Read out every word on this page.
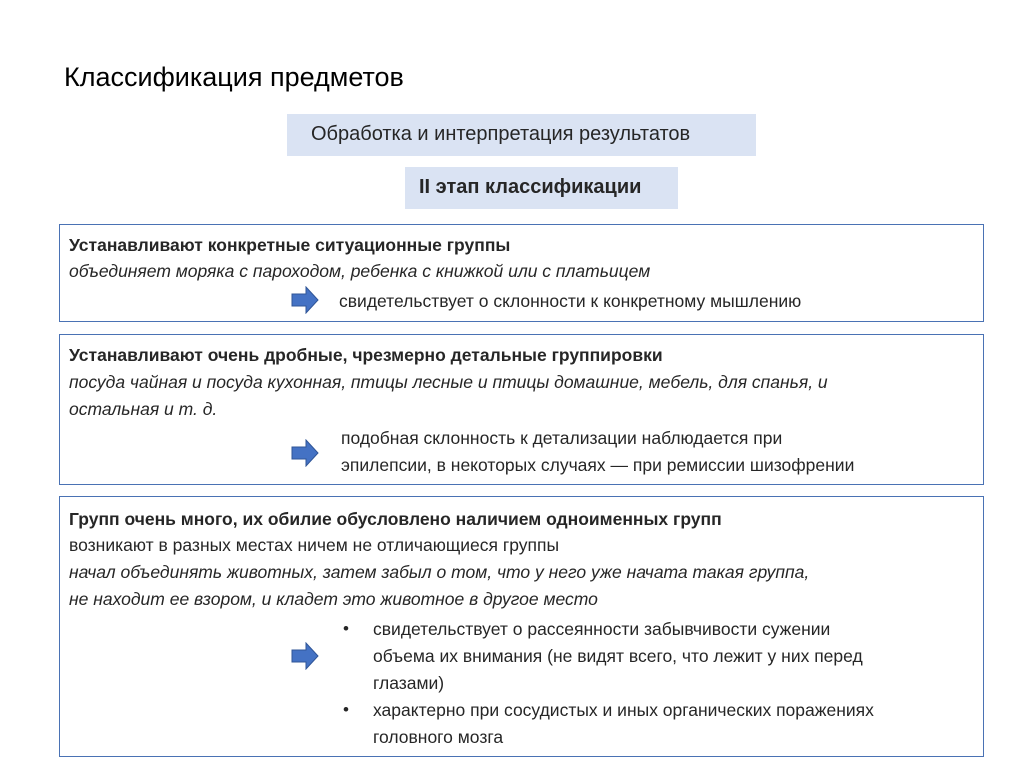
Классификация предметов
Обработка и интерпретация результатов
II этап классификации
Устанавливают конкретные ситуационные группы
объединяет моряка с пароходом, ребенка с книжкой или с платьицем
свидетельствует о склонности к конкретному мышлению
Устанавливают очень дробные, чрезмерно детальные группировки
посуда чайная и посуда кухонная, птицы лесные и птицы домашние, мебель, для спанья, и
остальная и т. д.
подобная склонность к детализации наблюдается при
эпилепсии, в некоторых случаях — при ремиссии шизофрении
Групп очень много, их обилие обусловлено наличием одноименных групп
возникают в разных местах ничем не отличающиеся группы
начал объединять животных, затем забыл о том, что у него уже начата такая группа,
не находит ее взором, и кладет это животное в другое место
• свидетельствует о рассеянности забывчивости сужении
объема их внимания (не видят всего, что лежит у них перед
глазами)
• характерно при сосудистых и иных органических поражениях
головного мозга
